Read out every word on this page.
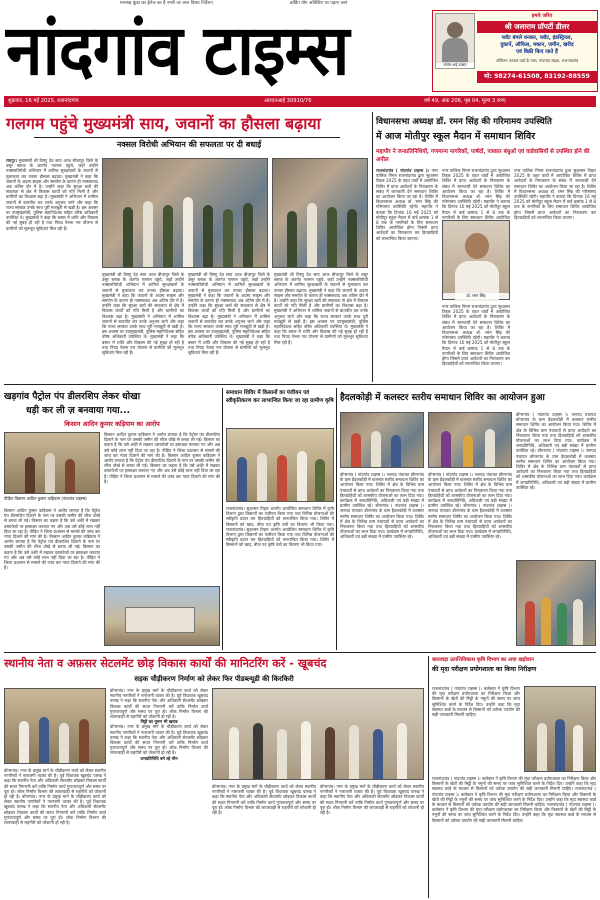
मनमाड़ कुंडा का ड्रेनेज का है नगरी तर आन विषय निर्देशन	ब्रांडिंग योग अविशिष्ट पर पढ़ाए जाएं
नांदगांव टाइम्स	संतोष भाई ठक्कर
हमारे जरिए
श्री जलाराम प्रॉपर्टी डीलर
प्लॉट बंगले धनकर, प्लॉट, इंडस्ट्रियल,
दुकानें, ऑफिस, मकान, जमीन, खरीद
एवं बिक्री किए जाते हैं
ऑफिस: बाजार वार्ड के पास, नांदगांव सड़क, राजनांदगांव
मो: 98274-61508, 83192-88559
शुक्रवार, 16 मई 2025, राजनांदगांव	आरएनआई 30910/76	वर्ष 49, अंक 206, पृष्ठ 04, मूल्य 3 रुपए
गलगम पहुंचे मुख्यमंत्री साय, जवानों का हौसला बढ़ाया
नक्सल विरोधी अभियान की सफलता पर दी बधाई
रायपुर। मुख्यमंत्री श्री विष्णु देव साय आज बीजापुर जिले के उसूर ब्लाक के अंतर्गत गलगम पहुंचे, जहाँ उन्होंने नक्सलविरोधी अभियान में शामिल सुरक्षाबलों के जवानों से मुलाकात कर उनका हौसला बढ़ाया। मुख्यमंत्री ने कहा कि जवानों के अदम्य साहस और समर्पण के कारण ही नक्सलवाद अब अंतिम दौर में है। उन्होंने कहा कि सुरक्षा बलों की सफलता से क्षेत्र में विकास कार्यों को गति मिली है और ग्रामीणों का विश्वास बढ़ा है। मुख्यमंत्री ने अभियान में शामिल जवानों से बातचीत कर उनके अनुभव जाने और कहा कि राज्य सरकार उनके साथ पूरी मजबूती से खड़ी है। इस अवसर पर उपमुख्यमंत्री, पुलिस महानिदेशक सहित वरिष्ठ अधिकारी उपस्थित थे। मुख्यमंत्री ने कहा कि बस्तर में शांति और विकास की नई सुबह हो रही है तथा नियद नेल्ला नार योजना से ग्रामीणों को मूलभूत सुविधाएं मिल रही हैं।
मुख्यमंत्री श्री विष्णु देव साय आज बीजापुर जिले के उसूर ब्लाक के अंतर्गत गलगम पहुंचे, जहाँ उन्होंने नक्सलविरोधी अभियान में शामिल सुरक्षाबलों के जवानों से मुलाकात कर उनका हौसला बढ़ाया। मुख्यमंत्री ने कहा कि जवानों के अदम्य साहस और समर्पण के कारण ही नक्सलवाद अब अंतिम दौर में है। उन्होंने कहा कि सुरक्षा बलों की सफलता से क्षेत्र में विकास कार्यों को गति मिली है और ग्रामीणों का विश्वास बढ़ा है। मुख्यमंत्री ने अभियान में शामिल जवानों से बातचीत कर उनके अनुभव जाने और कहा कि राज्य सरकार उनके साथ पूरी मजबूती से खड़ी है। इस अवसर पर उपमुख्यमंत्री, पुलिस महानिदेशक सहित वरिष्ठ अधिकारी उपस्थित थे। मुख्यमंत्री ने कहा कि बस्तर में शांति और विकास की नई सुबह हो रही है तथा नियद नेल्ला नार योजना से ग्रामीणों को मूलभूत सुविधाएं मिल रही हैं।
मुख्यमंत्री श्री विष्णु देव साय आज बीजापुर जिले के उसूर ब्लाक के अंतर्गत गलगम पहुंचे, जहाँ उन्होंने नक्सलविरोधी अभियान में शामिल सुरक्षाबलों के जवानों से मुलाकात कर उनका हौसला बढ़ाया। मुख्यमंत्री ने कहा कि जवानों के अदम्य साहस और समर्पण के कारण ही नक्सलवाद अब अंतिम दौर में है। उन्होंने कहा कि सुरक्षा बलों की सफलता से क्षेत्र में विकास कार्यों को गति मिली है और ग्रामीणों का विश्वास बढ़ा है। मुख्यमंत्री ने अभियान में शामिल जवानों से बातचीत कर उनके अनुभव जाने और कहा कि राज्य सरकार उनके साथ पूरी मजबूती से खड़ी है। इस अवसर पर उपमुख्यमंत्री, पुलिस महानिदेशक सहित वरिष्ठ अधिकारी उपस्थित थे। मुख्यमंत्री ने कहा कि बस्तर में शांति और विकास की नई सुबह हो रही है तथा नियद नेल्ला नार योजना से ग्रामीणों को मूलभूत सुविधाएं मिल रही हैं।
मुख्यमंत्री श्री विष्णु देव साय आज बीजापुर जिले के उसूर ब्लाक के अंतर्गत गलगम पहुंचे, जहाँ उन्होंने नक्सलविरोधी अभियान में शामिल सुरक्षाबलों के जवानों से मुलाकात कर उनका हौसला बढ़ाया। मुख्यमंत्री ने कहा कि जवानों के अदम्य साहस और समर्पण के कारण ही नक्सलवाद अब अंतिम दौर में है। उन्होंने कहा कि सुरक्षा बलों की सफलता से क्षेत्र में विकास कार्यों को गति मिली है और ग्रामीणों का विश्वास बढ़ा है। मुख्यमंत्री ने अभियान में शामिल जवानों से बातचीत कर उनके अनुभव जाने और कहा कि राज्य सरकार उनके साथ पूरी मजबूती से खड़ी है। इस अवसर पर उपमुख्यमंत्री, पुलिस महानिदेशक सहित वरिष्ठ अधिकारी उपस्थित थे। मुख्यमंत्री ने कहा कि बस्तर में शांति और विकास की नई सुबह हो रही है तथा नियद नेल्ला नार योजना से ग्रामीणों को मूलभूत सुविधाएं मिल रही हैं।
विधानसभा अध्यक्ष डॉ. रमन सिंह की गरिमामय उपस्थिति
में आज मोतीपुर स्कूल मैदान में समाधान शिविर
महापौर ने जनप्रतिनिधियों, गणमान्य नागरिकों, पार्षदों, पत्रकार बंधुओं एवं वार्डवासियों से उपस्थित होने की अपील
राजनांदगांव ( नांदगांव टाइम्स )। नगर पालिक निगम राजनांदगांव द्वारा सुशासन तिहार 2025 के तहत वार्डों में आयोजित शिविर में प्राप्त आवेदनों के निराकरण के संबंध में जानकारी देने समाधान शिविर का आयोजन किया जा रहा है। शिविर में विधानसभा अध्यक्ष डॉ. रमन सिंह की गरिमामय उपस्थिति रहेगी। महापौर ने बताया कि दिनांक 16 मई 2025 को मोतीपुर स्कूल मैदान में वार्ड क्रमांक 1 से 8 तक के नागरिकों के लिए समाधान शिविर आयोजित होगा जिसमें प्राप्त आवेदनों का निराकरण कर हितग्राहियों को लाभान्वित किया जाएगा।
नगर पालिक निगम राजनांदगांव द्वारा सुशासन तिहार 2025 के तहत वार्डों में आयोजित शिविर में प्राप्त आवेदनों के निराकरण के संबंध में जानकारी देने समाधान शिविर का आयोजन किया जा रहा है। शिविर में विधानसभा अध्यक्ष डॉ. रमन सिंह की गरिमामय उपस्थिति रहेगी। महापौर ने बताया कि दिनांक 16 मई 2025 को मोतीपुर स्कूल मैदान में वार्ड क्रमांक 1 से 8 तक के नागरिकों के लिए समाधान शिविर आयोजित
डॉ. रमन सिंह
नगर पालिक निगम राजनांदगांव द्वारा सुशासन तिहार 2025 के तहत वार्डों में आयोजित शिविर में प्राप्त आवेदनों के निराकरण के संबंध में जानकारी देने समाधान शिविर का आयोजन किया जा रहा है। शिविर में विधानसभा अध्यक्ष डॉ. रमन सिंह की गरिमामय उपस्थिति रहेगी। महापौर ने बताया कि दिनांक 16 मई 2025 को मोतीपुर स्कूल मैदान में वार्ड क्रमांक 1 से 8 तक के नागरिकों के लिए समाधान शिविर आयोजित होगा जिसमें प्राप्त आवेदनों का निराकरण कर हितग्राहियों को लाभान्वित किया जाएगा।
नगर पालिक निगम राजनांदगांव द्वारा सुशासन तिहार 2025 के तहत वार्डों में आयोजित शिविर में प्राप्त आवेदनों के निराकरण के संबंध में जानकारी देने समाधान शिविर का आयोजन किया जा रहा है। शिविर में विधानसभा अध्यक्ष डॉ. रमन सिंह की गरिमामय उपस्थिति रहेगी। महापौर ने बताया कि दिनांक 16 मई 2025 को मोतीपुर स्कूल मैदान में वार्ड क्रमांक 1 से 8 तक के नागरिकों के लिए समाधान शिविर आयोजित होगा जिसमें प्राप्त आवेदनों का निराकरण कर हितग्राहियों को लाभान्वित किया जाएगा।
खड़गांव पैट्रोल पंप डीलरशिप लेकर धोखा
धड़ी कर ली ज़ बनवाया गया...
किसान आदिन कुमार कड़ियाम का आरोप
पीड़ित किसान आदिन कुमार कड़ियाम (नांदगांव टाइम्स)
किसान आदिन कुमार कड़ियाम ने आरोप लगाया है कि पेट्रोल पंप डीलरशिप दिलाने के नाम पर उसकी जमीन की लीज धोखे से बनवा ली गई। किसान का कहना है कि उसे अंधेरे में रखकर दस्तावेजों पर हस्ताक्षर करवाए गए और अब उसे कोई लाभ नहीं दिया जा रहा है। पीड़ित ने जिला प्रशासन से मामले की जांच कर न्याय दिलाने की मांग की है। किसान आदिन कुमार कड़ियाम ने आरोप लगाया है कि पेट्रोल पंप डीलरशिप दिलाने के नाम पर उसकी जमीन की लीज धोखे से बनवा ली गई। किसान का कहना है कि उसे अंधेरे में रखकर दस्तावेजों पर हस्ताक्षर करवाए गए और अब उसे कोई लाभ नहीं दिया जा रहा है। पीड़ित ने जिला प्रशासन से मामले की जांच कर न्याय दिलाने की मांग की है।
किसान आदिन कुमार कड़ियाम ने आरोप लगाया है कि पेट्रोल पंप डीलरशिप दिलाने के नाम पर उसकी जमीन की लीज धोखे से बनवा ली गई। किसान का कहना है कि उसे अंधेरे में रखकर दस्तावेजों पर हस्ताक्षर करवाए गए और अब उसे कोई लाभ नहीं दिया जा रहा है। पीड़ित ने जिला प्रशासन से मामले की जांच कर न्याय दिलाने की मांग की है। किसान आदिन कुमार कड़ियाम ने आरोप लगाया है कि पेट्रोल पंप डीलरशिप दिलाने के नाम पर उसकी जमीन की लीज धोखे से बनवा ली गई। किसान का कहना है कि उसे अंधेरे में रखकर दस्तावेजों पर हस्ताक्षर करवाए गए और अब उसे कोई लाभ नहीं दिया जा रहा है। पीड़ित ने जिला प्रशासन से मामले की जांच कर न्याय दिलाने की मांग की है।
समाधान शिविर में किसानों का पंजीयन एवं स्वीकृतिकरण कर लाभान्वित किया जा रहा ग्रामीण कृषि
राजनांदगांव। सुशासन तिहार अंतर्गत आयोजित समाधान शिविर में कृषि विभाग द्वारा किसानों का पंजीयन किया गया तथा विभिन्न योजनाओं की स्वीकृति प्रदान कर हितग्राहियों को लाभान्वित किया गया। शिविर में किसानों को खाद, बीज एवं कृषि यंत्रों का वितरण भी किया गया। राजनांदगांव। सुशासन तिहार अंतर्गत आयोजित समाधान शिविर में कृषि विभाग द्वारा किसानों का पंजीयन किया गया तथा विभिन्न योजनाओं की स्वीकृति प्रदान कर हितग्राहियों को लाभान्वित किया गया। शिविर में किसानों को खाद, बीज एवं कृषि यंत्रों का वितरण भी किया गया।
हैदलकोड़ी में कलस्टर स्तरीय समाधान शिविर का आयोजन हुआ
डोंगरगांव ( नांदगांव टाइम्स )। जनपद पंचायत डोंगरगांव के ग्राम हैदलकोड़ी में कलस्टर स्तरीय समाधान शिविर का आयोजन किया गया। शिविर में क्षेत्र के विभिन्न ग्राम पंचायतों से प्राप्त आवेदनों का निराकरण किया गया तथा हितग्राहियों को शासकीय योजनाओं का लाभ दिया गया। कार्यक्रम में जनप्रतिनिधि, अधिकारी एवं बड़ी संख्या में ग्रामीण उपस्थित रहे। डोंगरगांव ( नांदगांव टाइम्स )। जनपद पंचायत डोंगरगांव के ग्राम हैदलकोड़ी में कलस्टर स्तरीय समाधान शिविर का आयोजन किया गया। शिविर में क्षेत्र के विभिन्न ग्राम पंचायतों से प्राप्त आवेदनों का निराकरण किया गया तथा हितग्राहियों को शासकीय योजनाओं का लाभ दिया गया। कार्यक्रम में जनप्रतिनिधि, अधिकारी एवं बड़ी संख्या में ग्रामीण उपस्थित रहे।
डोंगरगांव ( नांदगांव टाइम्स )। जनपद पंचायत डोंगरगांव के ग्राम हैदलकोड़ी में कलस्टर स्तरीय समाधान शिविर का आयोजन किया गया। शिविर में क्षेत्र के विभिन्न ग्राम पंचायतों से प्राप्त आवेदनों का निराकरण किया गया तथा हितग्राहियों को शासकीय योजनाओं का लाभ दिया गया। कार्यक्रम में जनप्रतिनिधि, अधिकारी एवं बड़ी संख्या में ग्रामीण उपस्थित रहे। डोंगरगांव ( नांदगांव टाइम्स )। जनपद पंचायत डोंगरगांव के ग्राम हैदलकोड़ी में कलस्टर स्तरीय समाधान शिविर का आयोजन किया गया। शिविर में क्षेत्र के विभिन्न ग्राम पंचायतों से प्राप्त आवेदनों का निराकरण किया गया तथा हितग्राहियों को शासकीय योजनाओं का लाभ दिया गया। कार्यक्रम में जनप्रतिनिधि, अधिकारी एवं बड़ी संख्या में ग्रामीण उपस्थित रहे।
डोंगरगांव ( नांदगांव टाइम्स )। जनपद पंचायत डोंगरगांव के ग्राम हैदलकोड़ी में कलस्टर स्तरीय समाधान शिविर का आयोजन किया गया। शिविर में क्षेत्र के विभिन्न ग्राम पंचायतों से प्राप्त आवेदनों का निराकरण किया गया तथा हितग्राहियों को शासकीय योजनाओं का लाभ दिया गया। कार्यक्रम में जनप्रतिनिधि, अधिकारी एवं बड़ी संख्या में ग्रामीण उपस्थित रहे। डोंगरगांव ( नांदगांव टाइम्स )। जनपद पंचायत डोंगरगांव के ग्राम हैदलकोड़ी में कलस्टर स्तरीय समाधान शिविर का आयोजन किया गया। शिविर में क्षेत्र के विभिन्न ग्राम पंचायतों से प्राप्त आवेदनों का निराकरण किया गया तथा हितग्राहियों को शासकीय योजनाओं का लाभ दिया गया। कार्यक्रम में जनप्रतिनिधि, अधिकारी एवं बड़ी संख्या में ग्रामीण उपस्थित रहे।
स्थानीय नेता व अफ़सर सेटलमेंट छोड़ विकास कार्यों की मानिटरिंग करें - खूबचंद
सड़क चौड़ीकरण निर्माण को लेकर फिर पीडब्ल्यूडी की किरकिरी
डोंगरगांव। नगर के प्रमुख मार्ग के चौड़ीकरण कार्य को लेकर स्थानीय नागरिकों ने नाराजगी व्यक्त की है। पूर्व विधायक खूबचंद पारख ने कहा कि स्थानीय नेता और अधिकारी सेटलमेंट छोड़कर विकास कार्यों की सतत निगरानी करें ताकि निर्माण कार्य गुणवत्तापूर्ण और समय पर पूरा हो। लोक निर्माण विभाग की लापरवाही से राहगीरों को परेशानी हो रही है। डोंगरगांव। नगर के प्रमुख मार्ग के चौड़ीकरण कार्य को लेकर स्थानीय नागरिकों ने नाराजगी व्यक्त की है। पूर्व विधायक खूबचंद पारख ने कहा कि स्थानीय नेता और अधिकारी सेटलमेंट छोड़कर विकास कार्यों की सतत निगरानी करें ताकि निर्माण कार्य गुणवत्तापूर्ण और समय पर पूरा हो। लोक निर्माण विभाग की लापरवाही से राहगीरों को परेशानी हो रही है।
डोंगरगांव। नगर के प्रमुख मार्ग के चौड़ीकरण कार्य को लेकर स्थानीय नागरिकों ने नाराजगी व्यक्त की है। पूर्व विधायक खूबचंद पारख ने कहा कि स्थानीय नेता और अधिकारी सेटलमेंट छोड़कर विकास कार्यों की सतत निगरानी करें ताकि निर्माण कार्य गुणवत्तापूर्ण और समय पर पूरा हो। लोक निर्माण विभाग की लापरवाही से राहगीरों को परेशानी हो रही है।
मिट्टी का मुरुम भी खराब
डोंगरगांव। नगर के प्रमुख मार्ग के चौड़ीकरण कार्य को लेकर स्थानीय नागरिकों ने नाराजगी व्यक्त की है। पूर्व विधायक खूबचंद पारख ने कहा कि स्थानीय नेता और अधिकारी सेटलमेंट छोड़कर विकास कार्यों की सतत निगरानी करें ताकि निर्माण कार्य गुणवत्तापूर्ण और समय पर पूरा हो। लोक निर्माण विभाग की लापरवाही से राहगीरों को परेशानी हो रही है।
जनप्रतिनिधि बने रहे मौन
डोंगरगांव। नगर के प्रमुख मार्ग के चौड़ीकरण कार्य को लेकर स्थानीय नागरिकों ने नाराजगी व्यक्त की है। पूर्व विधायक खूबचंद पारख ने कहा कि स्थानीय नेता और अधिकारी सेटलमेंट छोड़कर विकास कार्यों की सतत निगरानी करें ताकि निर्माण कार्य गुणवत्तापूर्ण और समय पर पूरा हो। लोक निर्माण विभाग की लापरवाही से राहगीरों को परेशानी हो रही है।
डोंगरगांव। नगर के प्रमुख मार्ग के चौड़ीकरण कार्य को लेकर स्थानीय नागरिकों ने नाराजगी व्यक्त की है। पूर्व विधायक खूबचंद पारख ने कहा कि स्थानीय नेता और अधिकारी सेटलमेंट छोड़कर विकास कार्यों की सतत निगरानी करें ताकि निर्माण कार्य गुणवत्तापूर्ण और समय पर पूरा हो। लोक निर्माण विभाग की लापरवाही से राहगीरों को परेशानी हो रही है।
बालवाड़ा उत्पत्तिविकाश कृषि विभाग का अचा खड़ोवान
की मृदा परीक्षण प्रयोगशाला का किया निरीक्षण
राजनांदगांव ( नांदगांव टाइम्स )। कलेक्टर ने कृषि विभाग की मृदा परीक्षण प्रयोगशाला का निरीक्षण किया और किसानों के खेतों की मिट्टी के नमूनों की समय पर जांच सुनिश्चित करने के निर्देश दिए। उन्होंने कहा कि मृदा स्वास्थ्य कार्ड के माध्यम से किसानों को उर्वरक उपयोग की सही जानकारी मिलनी चाहिए।
राजनांदगांव ( नांदगांव टाइम्स )। कलेक्टर ने कृषि विभाग की मृदा परीक्षण प्रयोगशाला का निरीक्षण किया और किसानों के खेतों की मिट्टी के नमूनों की समय पर जांच सुनिश्चित करने के निर्देश दिए। उन्होंने कहा कि मृदा स्वास्थ्य कार्ड के माध्यम से किसानों को उर्वरक उपयोग की सही जानकारी मिलनी चाहिए। राजनांदगांव ( नांदगांव टाइम्स )। कलेक्टर ने कृषि विभाग की मृदा परीक्षण प्रयोगशाला का निरीक्षण किया और किसानों के खेतों की मिट्टी के नमूनों की समय पर जांच सुनिश्चित करने के निर्देश दिए। उन्होंने कहा कि मृदा स्वास्थ्य कार्ड के माध्यम से किसानों को उर्वरक उपयोग की सही जानकारी मिलनी चाहिए। राजनांदगांव ( नांदगांव टाइम्स )। कलेक्टर ने कृषि विभाग की मृदा परीक्षण प्रयोगशाला का निरीक्षण किया और किसानों के खेतों की मिट्टी के नमूनों की समय पर जांच सुनिश्चित करने के निर्देश दिए। उन्होंने कहा कि मृदा स्वास्थ्य कार्ड के माध्यम से किसानों को उर्वरक उपयोग की सही जानकारी मिलनी चाहिए।
